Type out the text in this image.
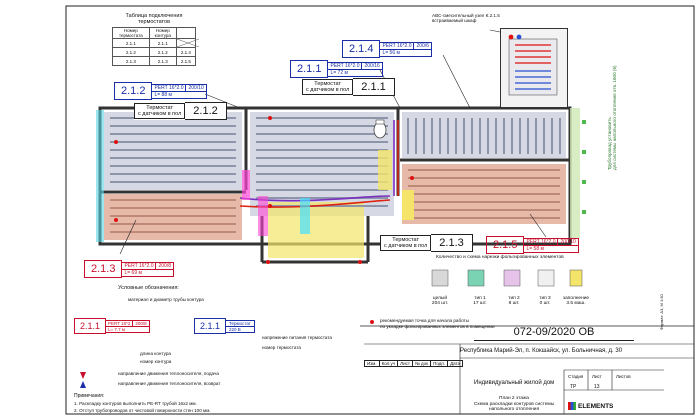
Таблица подключения
термостатов
Номер
термостата	Номер
контура	
2.1.1	2.1.1	

2.1.2	2.1.2	2.1.4
2.1.3	2.1.3	2.1.5
АВС-смесительный узел К.2.1.5
встраиваемый шкаф
Трубопровод установить
для системы напольного отопления отв. 1600 (6)
2.1.4	PERT 16*2.0 200/6
L= 56 м
2.1.1	PERT 16*2.0 200/16
L= 72 м
2.1.2	PERT 16*2.0 200/10
L= 88 м
2.1.5	PERT 16*2.0 200/10
L= 58 м
2.1.3	PERT 16*2.0 200/8
L= 69 м
Термостат
с датчиком в пол	2.1.1
Термостат
с датчиком в пол	2.1.2
Термостат
с датчиком в пол	2.1.3
Количество и схема нарезки фольгированных элементов
целый
204 шт.
тип 1
17 шт.
тип 2
8 шт.
тип 3
0 шт.
заполнение
3.5 маш.
Условные обозначения:
материал и диаметр трубы контура
2.1.1	PERT 16*2 200/8
L= 7.7 м	2.1.1	Термостат
220 В
напряжение питания термостата
номер термостата
длина контура
номер контура
направление движения теплоносителя, подача
направление движения теплоносителя, возврат
Примечания:
1. Раскладку контуров выполнить PE-RT трубой 16x2 мм.
2. Отступ трубопроводов от чистовой поверхности стен 100 мм.
рекомендуемая точка для начала работы
по укладке фольгированных элементов в помещении	Формат: А3, М 1:50
072-09/2020 ОВ
Республика Марий-Эл, п. Кокшайск, ул. Больничная, д. 30
Изм.	Кол.уч	Лист	№ док	Подп.	Дата
Индивидуальный жилой дом
Стадия Лист	Листов
ТР	13
План 2 этажа
Схема раскладки контуров системы
напольного отопления
ELEMENTS
